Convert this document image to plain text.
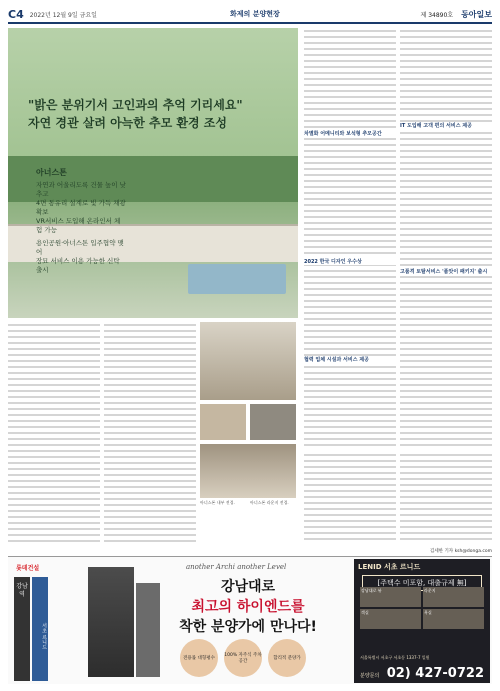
C4 2022년 12월 9일 금요일	화제의 분양현장	제 34890호 동아일보
"밝은 분위기서 고인과의 추억 기리세요"
자연 경관 살려 아늑한 추모 환경 조성
아너스톤
자연과 어울리도록 건물 높이 낮추고
4면 통유리 설계로 빛 가득 채광 확보
VR서비스 도입해 온라인서 체험 가능
용인공원·아너스톤 입주협약 맺어
장묘 서비스 이용 가능한 신탁 출시
차별화 어메니티와 보석형 추모공간
2022 한국 디자인 우수상
협력 업체 시설과 서비스 제공
IT 도입해 고객 편의 서비스 제공
고품격 토탈서비스 '품앗이 패키지' 출시
아너스톤 내부 전경.	아너스톤 라운지 전경.
김세한 기자 ksh@donga.com
롯데건설
강남역
서초 르니드
another Archi another Level
강남대로
최고의 하이엔드를
착한 분양가에 만나다!
전용률 대형평수
100% 자주식 주차공간
합리적 분양가
LENID 서초 르니드
[주택수 미포함, 대출규제 無]
강남대로 뷰	라운지
객실	욕실
서울특별시 서초구 서초동 1337-7 일원
분양문의 02) 427-0722
